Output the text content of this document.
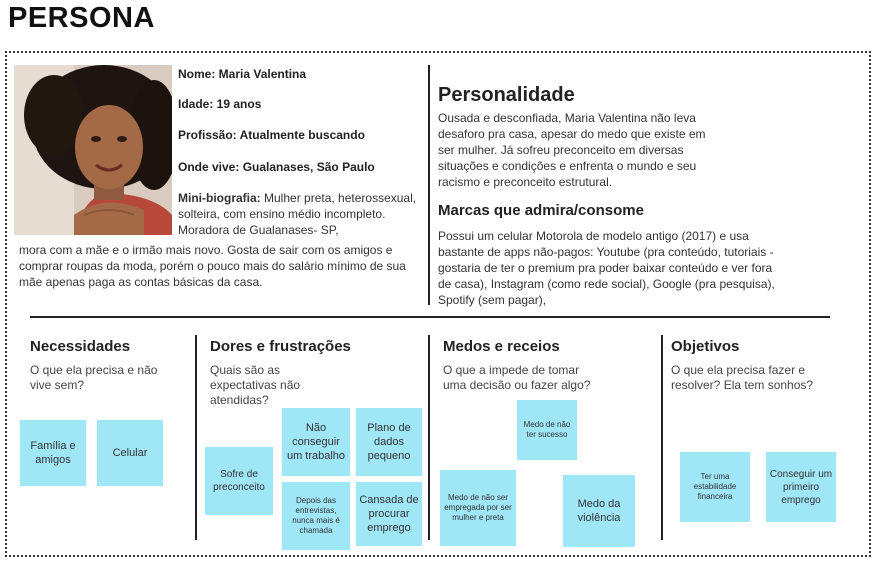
PERSONA
Nome: Maria Valentina
Idade: 19 anos
Profissão: Atualmente buscando
Onde vive: Gualanases, São Paulo
Mini-biografia: Mulher preta, heterossexual, solteira, com ensino médio incompleto. Moradora de Gualanases- SP,
mora com a mãe e o irmão mais novo. Gosta de sair com os amigos e comprar roupas da moda, porém o pouco mais do salário mínimo de sua mãe apenas paga as contas básicas da casa.
Personalidade
Ousada e desconfiada, Maria Valentina não leva desaforo pra casa, apesar do medo que existe em ser mulher. Já sofreu preconceito em diversas situações e condições e enfrenta o mundo e seu racismo e preconceito estrutural.
Marcas que admira/consome
Possui um celular Motorola de modelo antigo (2017) e usa bastante de apps não-pagos: Youtube (pra conteúdo, tutoriais - gostaria de ter o premium pra poder baixar conteúdo e ver fora de casa), Instagram (como rede social), Google (pra pesquisa), Spotify (sem pagar),
Necessidades
O que ela precisa e não vive sem?
Família e amigos
Celular
Dores e frustrações
Quais são as expectativas não atendidas?
Sofre de preconceito
Não conseguir um trabalho
Plano de dados pequeno
Depois das entrevistas, nunca mais é chamada
Cansada de procurar emprego
Medos e receios
O que a impede de tomar uma decisão ou fazer algo?
Medo de não ter sucesso
Medo de não ser empregada por ser mulher e preta
Medo da violência
Objetivos
O que ela precisa fazer e resolver? Ela tem sonhos?
Ter uma estabilidade financeira
Conseguir um primeiro emprego
